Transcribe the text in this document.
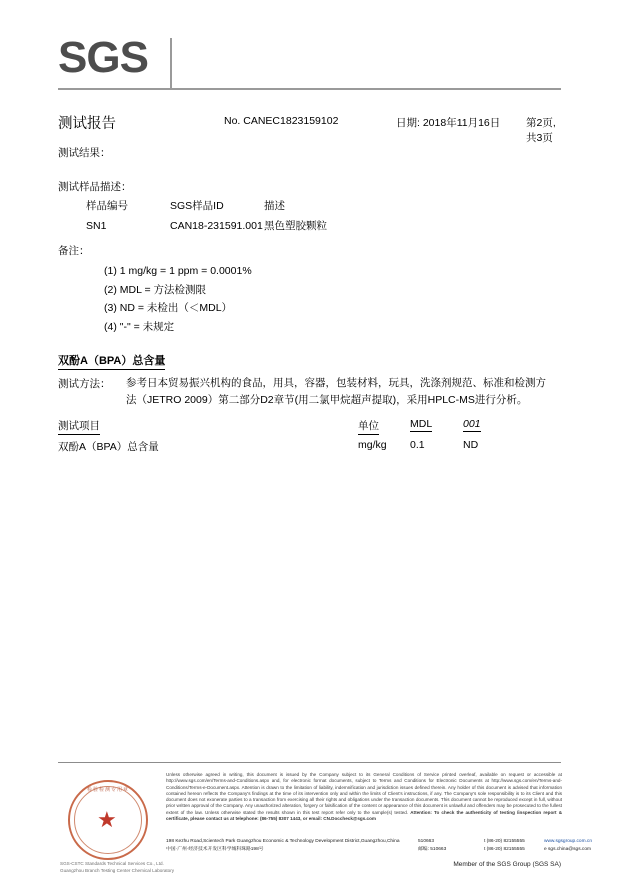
SGS
测试报告	No. CANEC1823159102	日期: 2018年11月16日 第2页,共3页
测试结果：
测试样品描述：
样品编号	SGS样品ID	描述
SN1	CAN18-231591.001	黑色塑胶颗粒
备注：
(1) 1 mg/kg = 1 ppm = 0.0001%
(2) MDL = 方法检测限
(3) ND = 未检出（＜MDL）
(4) "-" = 未规定
双酚A（BPA）总含量
测试方法： 参考日本贸易振兴机构的食品，用具，容器，包装材料，玩具，洗涤剂规范、标准和检测方法（JETRO 2009）第二部分D2章节(用二氯甲烷超声提取)，采用HPLC-MS进行分析。
测试项目	单位	MDL	001
双酚A（BPA）总含量	mg/kg 0.1	ND
★
检验检测专用章
SGS-CSTC Standards Technical Services Co., Ltd.
Guangzhou Branch Testing Center Chemical Laboratory
Unless otherwise agreed in writing, this document is issued by the Company subject to its General Conditions of Service printed overleaf, available on request or accessible at http://www.sgs.com/en/Terms-and-Conditions.aspx and, for electronic format documents, subject to Terms and Conditions for Electronic Documents at http://www.sgs.com/en/Terms-and-Conditions/Terms-e-Document.aspx. Attention is drawn to the limitation of liability, indemnification and jurisdiction issues defined therein. Any holder of this document is advised that information contained hereon reflects the Company's findings at the time of its intervention only and within the limits of Client's instructions, if any. The Company's sole responsibility is to its Client and this document does not exonerate parties to a transaction from exercising all their rights and obligations under the transaction documents. This document cannot be reproduced except in full, without prior written approval of the Company. Any unauthorized alteration, forgery or falsification of the content or appearance of this document is unlawful and offenders may be prosecuted to the fullest extent of the law. Unless otherwise stated the results shown in this test report refer only to the sample(s) tested. Attention: To check the authenticity of testing /inspection report & certificate, please contact us at telephone: (86-755) 8307 1443, or email: CN.Doccheck@sgs.com
198 Kezhu Road,Scientech Park Guangzhou Economic & Technology Development District,Guangzhou,China	510663	t (86-20) 82155555	www.sgsgroup.com.cn
中国·广州·经济技术开发区科学城科珠路198号	邮编: 510663	t (86-20) 82155555	e sgs.china@sgs.com
Member of the SGS Group (SGS SA)
